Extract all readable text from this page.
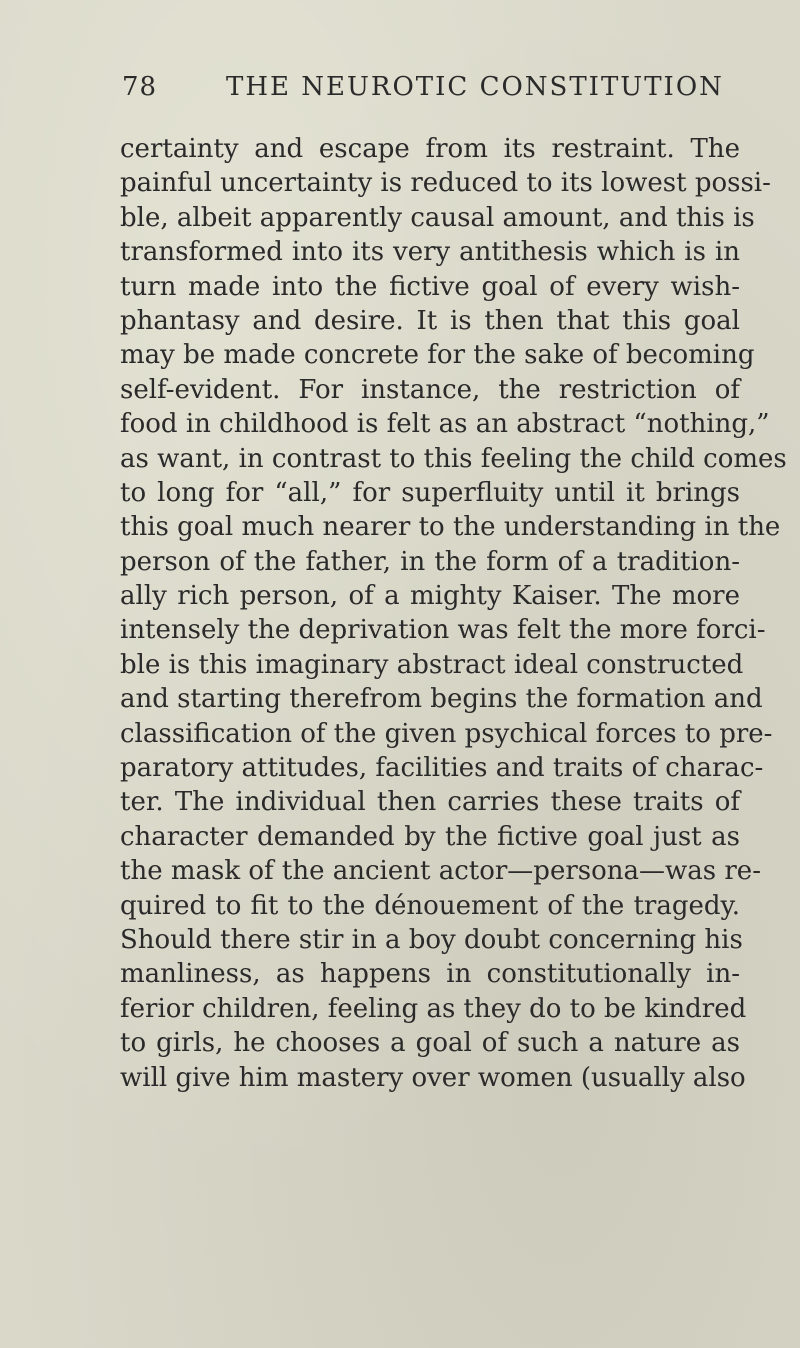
78	THE NEUROTIC CONSTITUTION
certainty and escape from its restraint. The
painful uncertainty is reduced to its lowest possi-
ble, albeit apparently causal amount, and this is
transformed into its very antithesis which is in
turn made into the fictive goal of every wish-
phantasy and desire. It is then that this goal
may be made concrete for the sake of becoming
self-evident. For instance, the restriction of
food in childhood is felt as an abstract “nothing,”
as want, in contrast to this feeling the child comes
to long for “all,” for superfluity until it brings
this goal much nearer to the understanding in the
person of the father, in the form of a tradition-
ally rich person, of a mighty Kaiser. The more
intensely the deprivation was felt the more forci-
ble is this imaginary abstract ideal constructed
and starting therefrom begins the formation and
classification of the given psychical forces to pre-
paratory attitudes, facilities and traits of charac-
ter. The individual then carries these traits of
character demanded by the fictive goal just as
the mask of the ancient actor—persona—was re-
quired to fit to the dénouement of the tragedy.
Should there stir in a boy doubt concerning his
manliness, as happens in constitutionally in-
ferior children, feeling as they do to be kindred
to girls, he chooses a goal of such a nature as
will give him mastery over women (usually also
